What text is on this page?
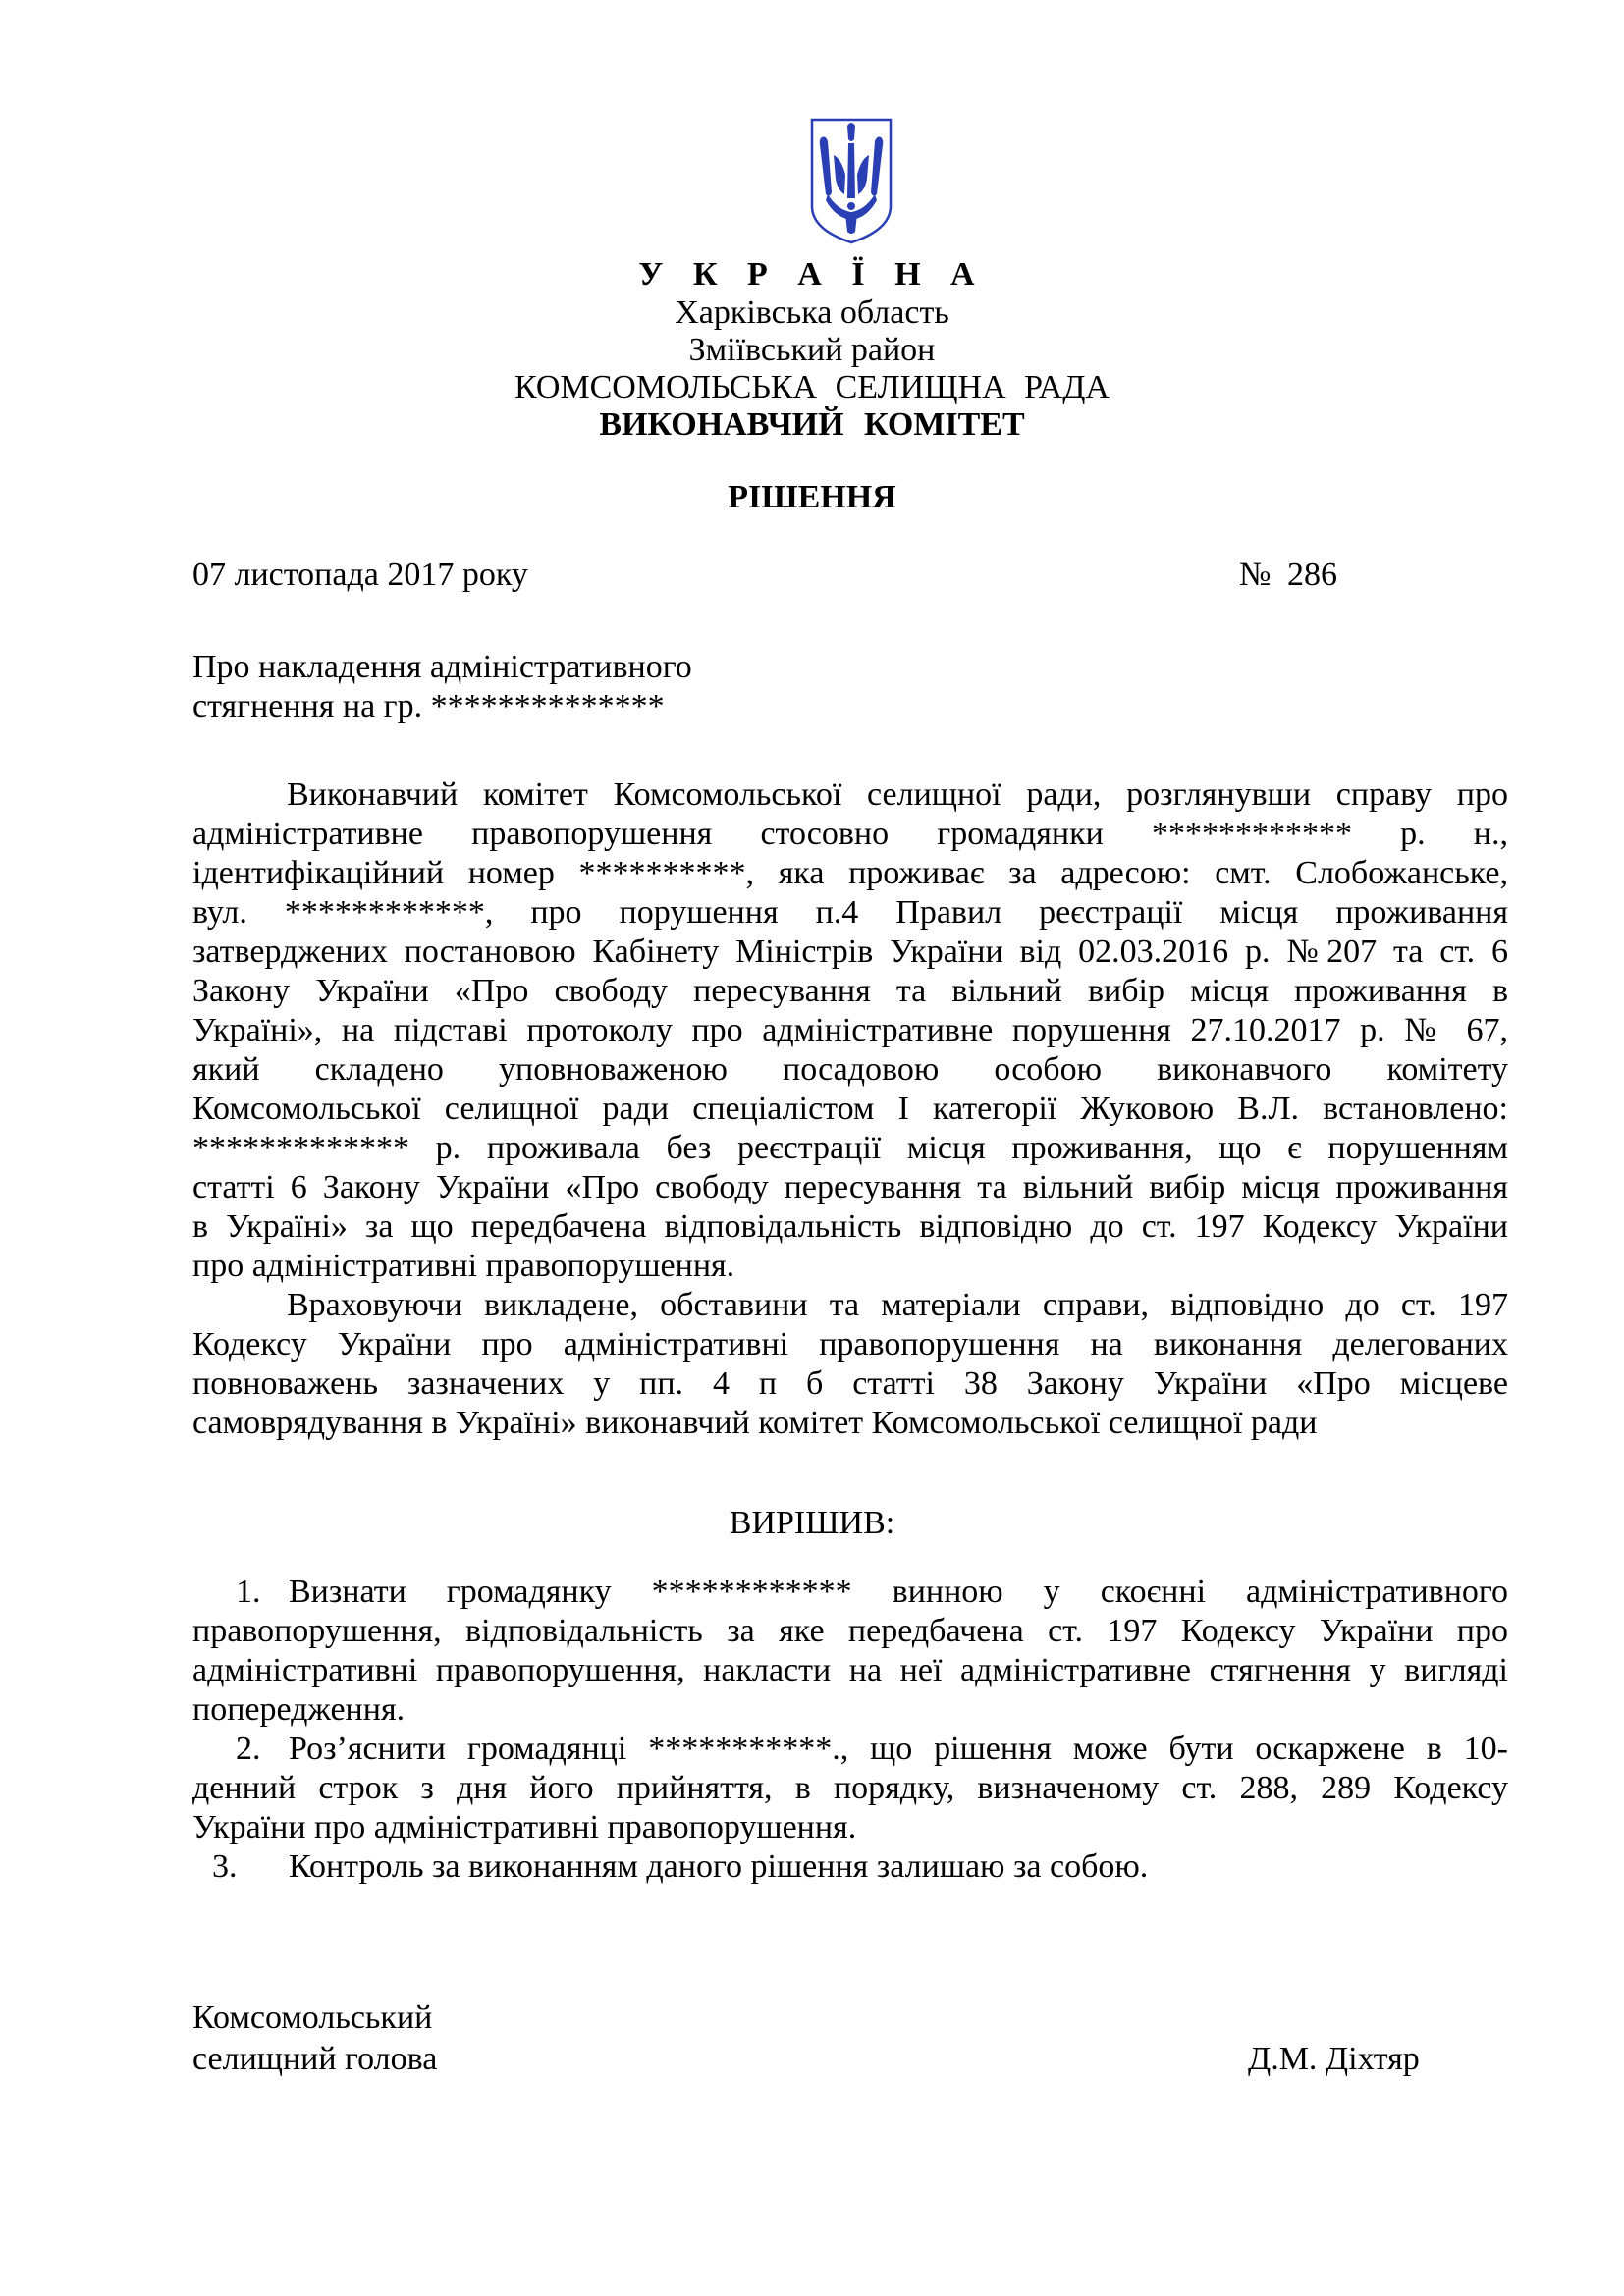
У К Р А Ї Н А
Харківська область
Зміївський район
КОМСОМОЛЬСЬКА СЕЛИЩНА РАДА
ВИКОНАВЧИЙ КОМІТЕТ
РІШЕННЯ
07 листопада 2017 року	№ 286
Про накладення адміністративного
стягнення на гр. **************
Виконавчий комітет Комсомольської селищної ради, розглянувши справу про
адміністративне правопорушення стосовно громадянки ************ р. н.,
ідентифікаційний номер **********, яка проживає за адресою: смт. Слобожанське,
вул. ************, про порушення п.4 Правил реєстрації місця проживання
затверджених постановою Кабінету Міністрів України від 02.03.2016 р. №207 та ст. 6
Закону України «Про свободу пересування та вільний вибір місця проживання в
Україні», на підставі протоколу про адміністративне порушення 27.10.2017 р. № 67,
який складено уповноваженою посадовою особою виконавчого комітету
Комсомольської селищної ради спеціалістом І категорії Жуковою В.Л. встановлено:
************* р. проживала без реєстрації місця проживання, що є порушенням
статті 6 Закону України «Про свободу пересування та вільний вибір місця проживання
в Україні» за що передбачена відповідальність відповідно до ст. 197 Кодексу України
про адміністративні правопорушення.
Враховуючи викладене, обставини та матеріали справи, відповідно до ст. 197
Кодексу України про адміністративні правопорушення на виконання делегованих
повноважень зазначених у пп. 4 п б статті 38 Закону України «Про місцеве
самоврядування в Україні» виконавчий комітет Комсомольської селищної ради
ВИРІШИВ:
1. Визнати громадянку ************ винною у скоєнні адміністративного
правопорушення, відповідальність за яке передбачена ст. 197 Кодексу України про
адміністративні правопорушення, накласти на неї адміністративне стягнення у вигляді
попередження.
2. Роз’яснити громадянці ***********., що рішення може бути оскаржене в 10-
денний строк з дня його прийняття, в порядку, визначеному ст. 288, 289 Кодексу
України про адміністративні правопорушення.
3. Контроль за виконанням даного рішення залишаю за собою.
Комсомольський
селищний голова	Д.М. Діхтяр
